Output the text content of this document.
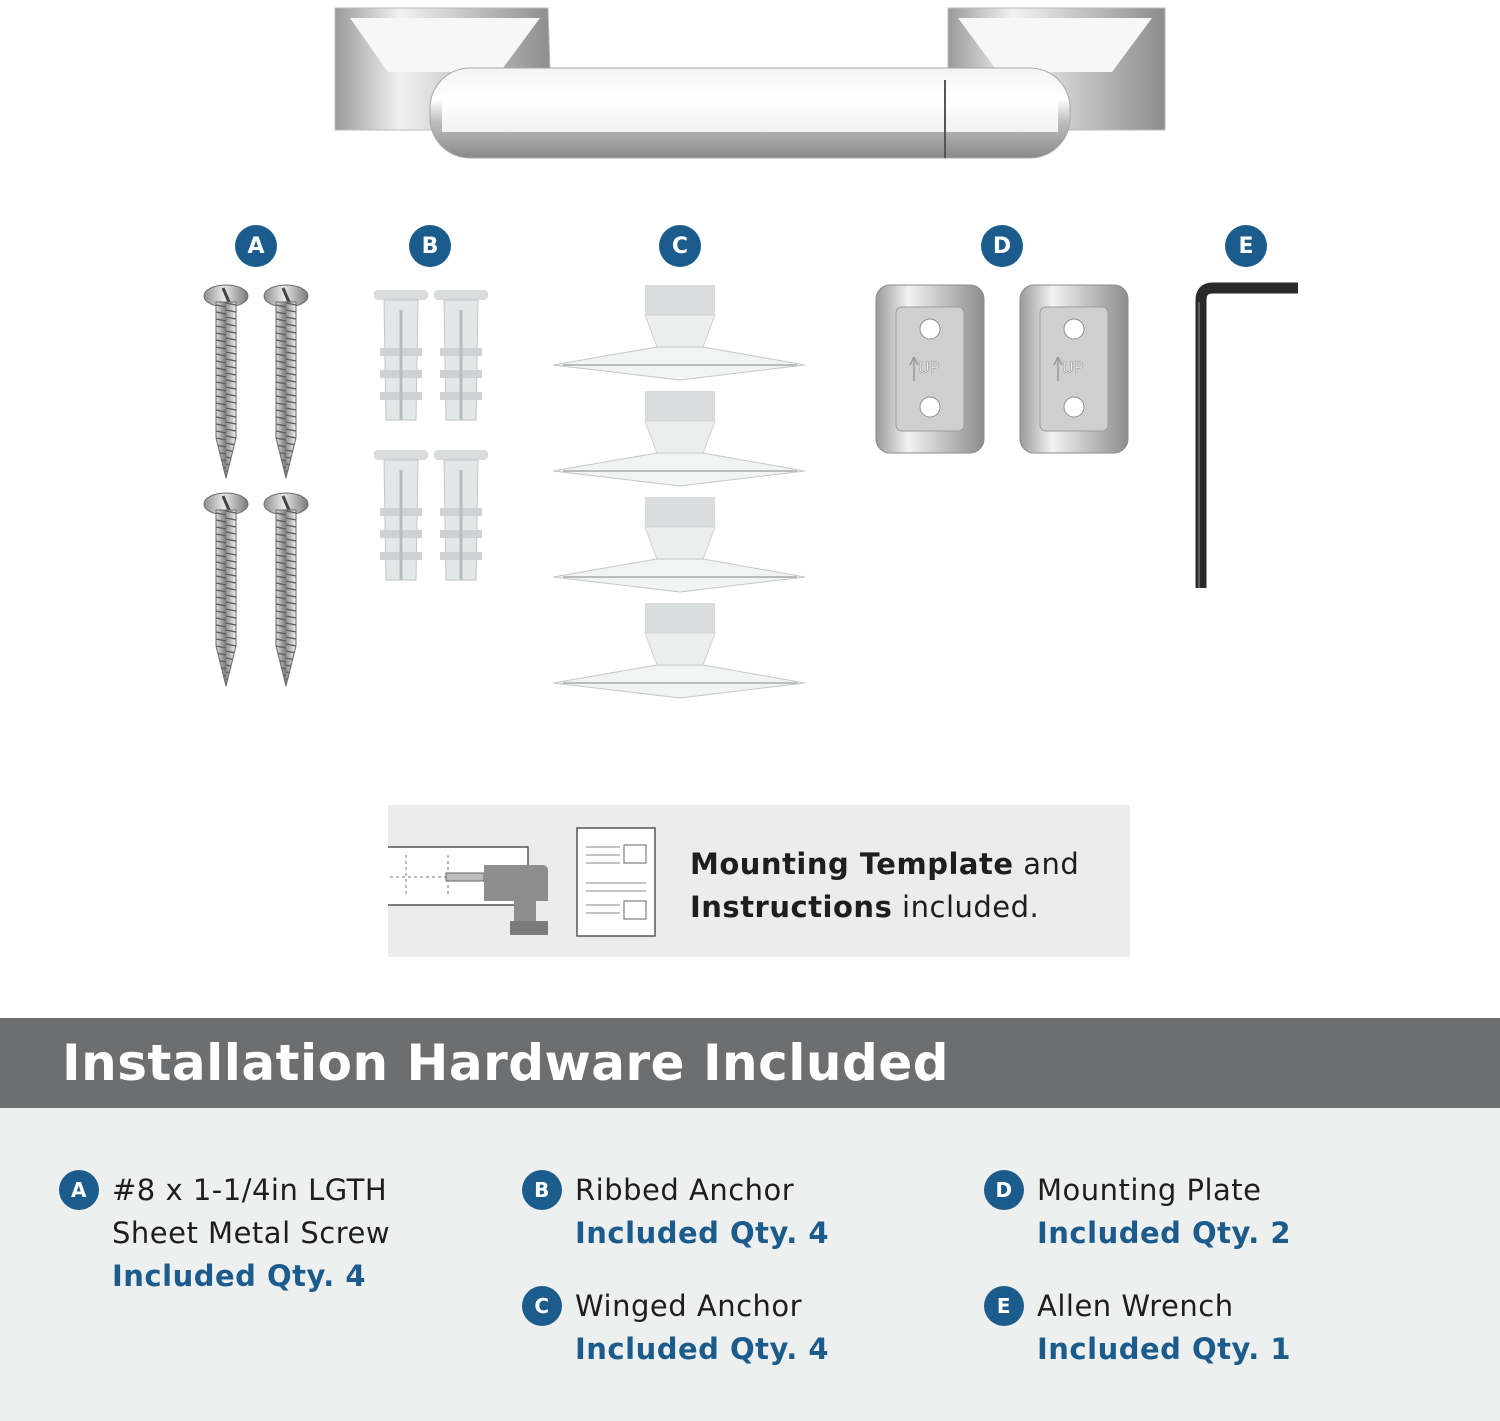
UP	UP
A	B	C	D	E
Mounting Template and
Instructions included.
Installation Hardware Included
A #8 x 1-1/4in LGTH
Sheet Metal Screw
Included Qty. 4
B Ribbed Anchor
Included Qty. 4
C Winged Anchor
Included Qty. 4
D Mounting Plate
Included Qty. 2
E Allen Wrench
Included Qty. 1
